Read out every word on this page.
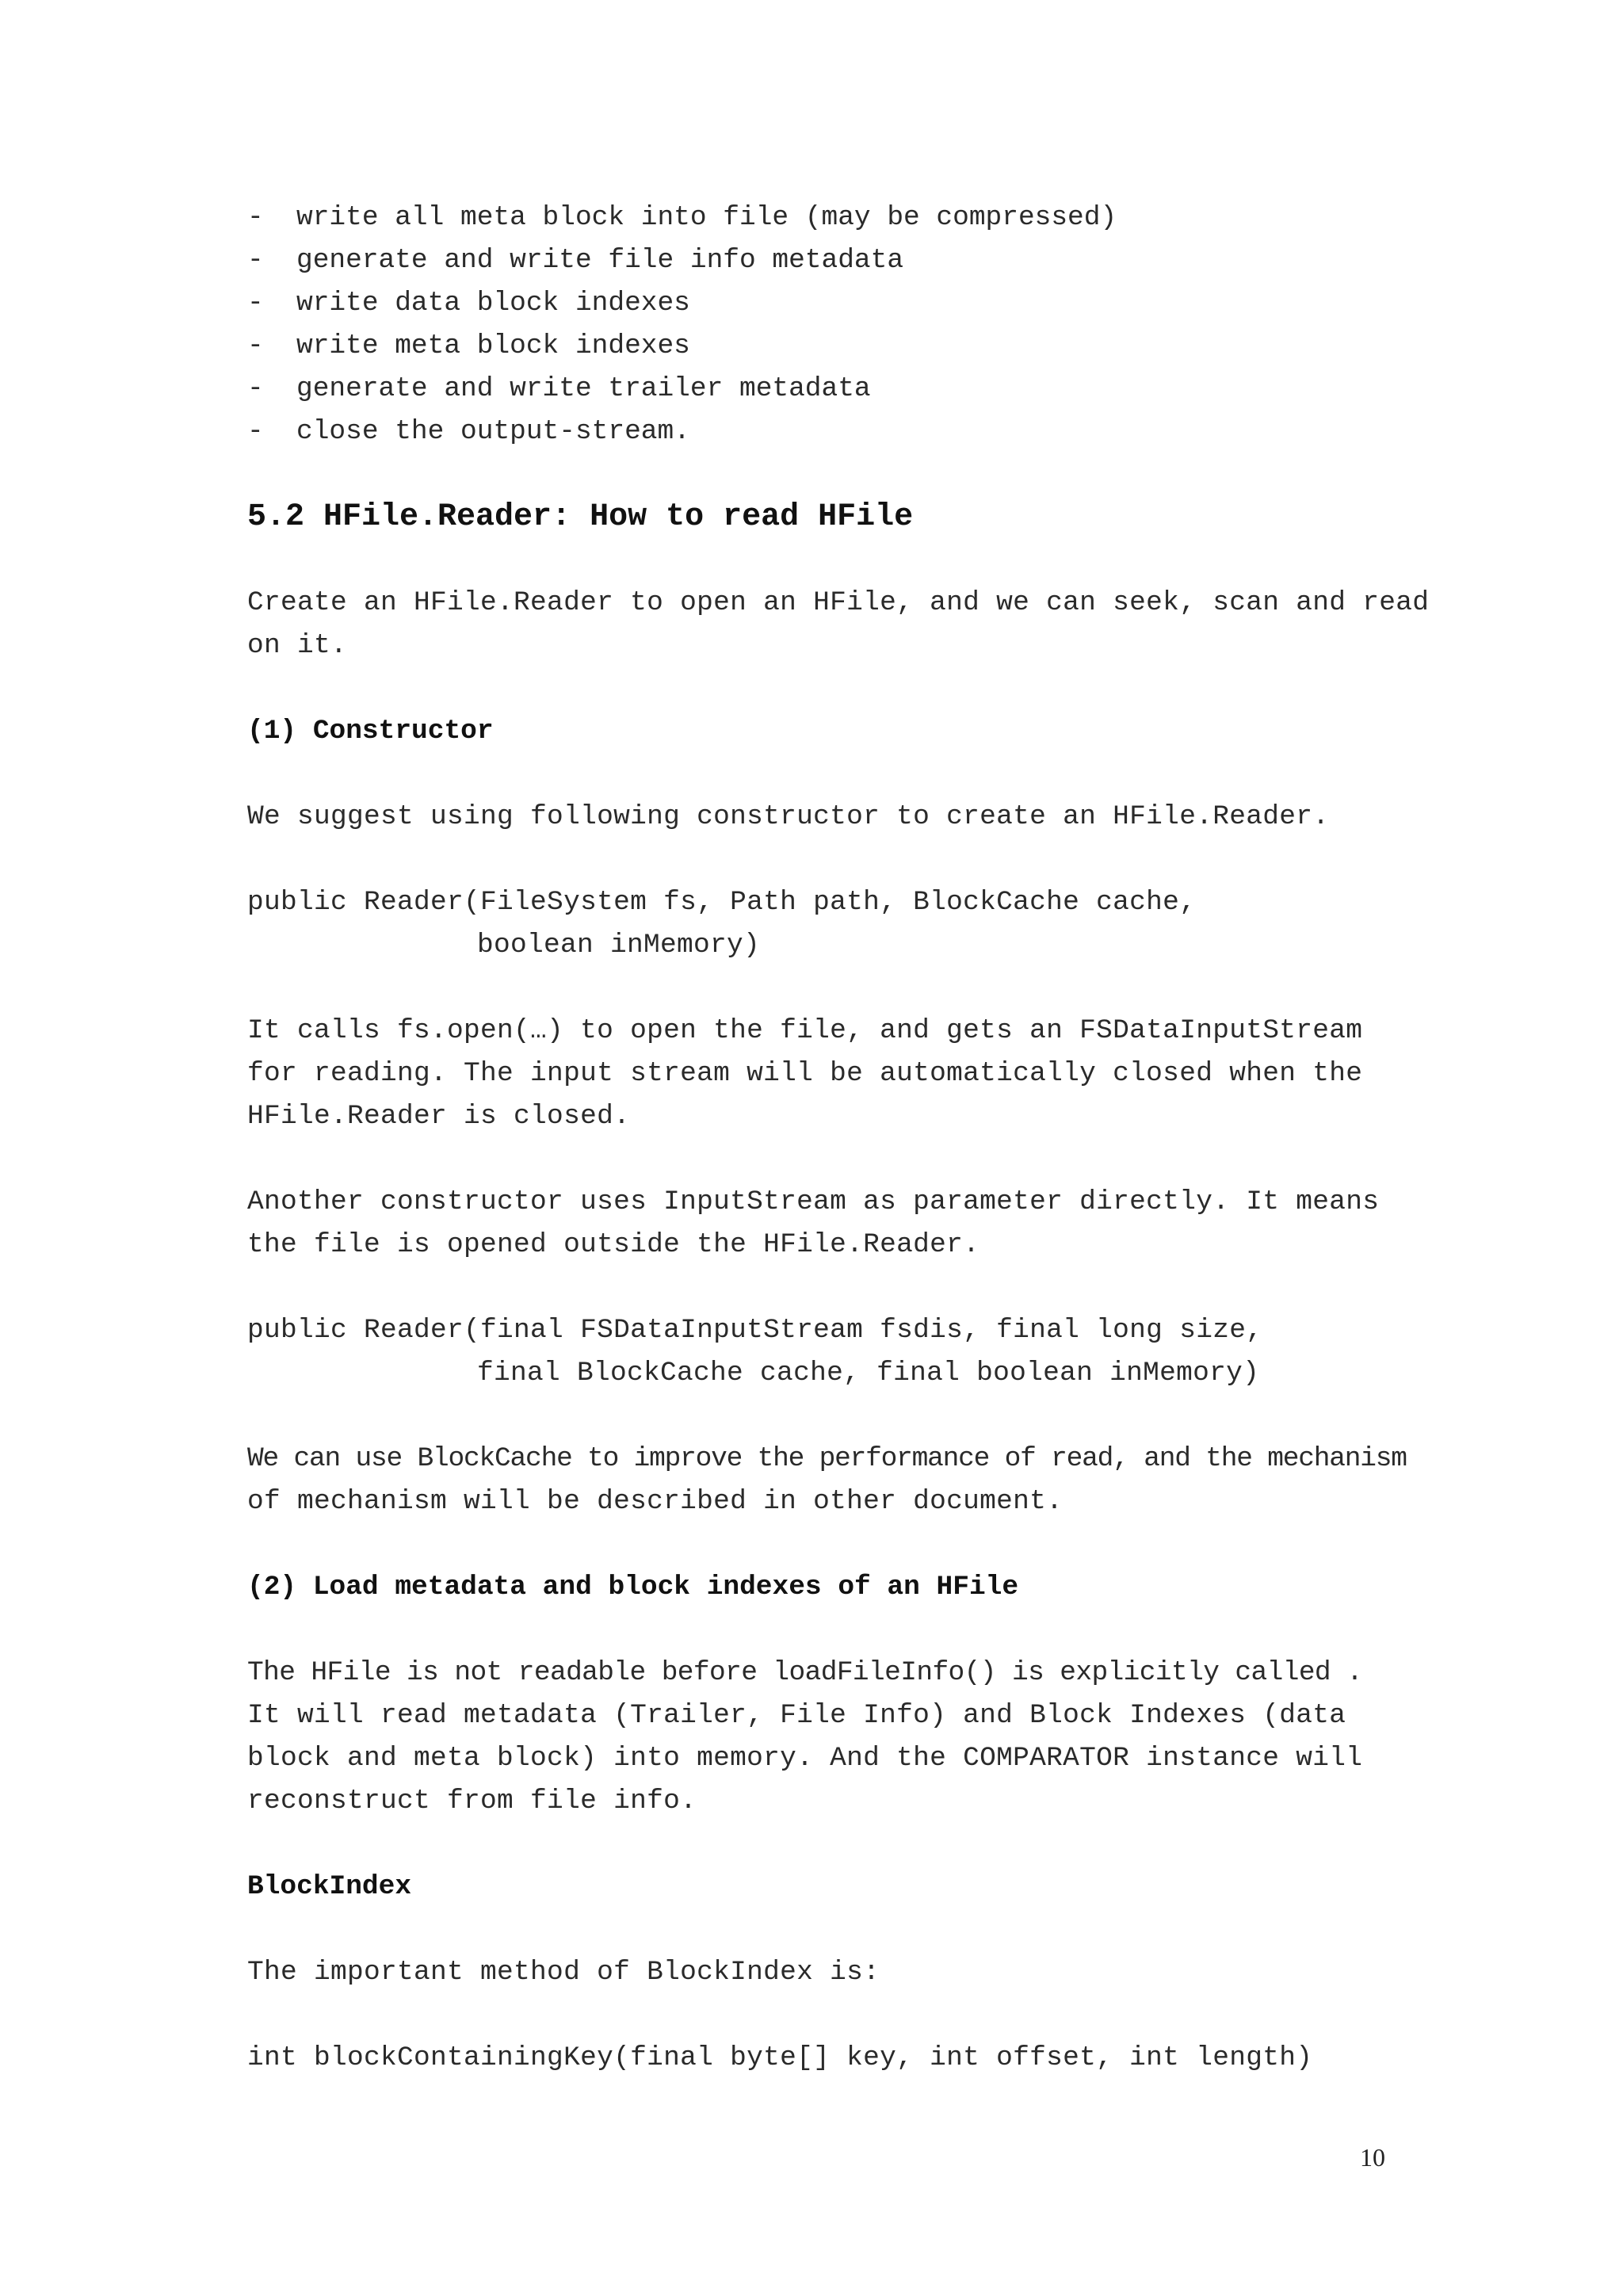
- write all meta block into file (may be compressed)
- generate and write file info metadata
- write data block indexes
- write meta block indexes
- generate and write trailer metadata
- close the output-stream.
5.2 HFile.Reader: How to read HFile
Create an HFile.Reader to open an HFile, and we can seek, scan and read
on it.
(1) Constructor
We suggest using following constructor to create an HFile.Reader.
public Reader(FileSystem fs, Path path, BlockCache cache,
boolean inMemory)
It calls fs.open(…) to open the file, and gets an FSDataInputStream
for reading. The input stream will be automatically closed when the
HFile.Reader is closed.
Another constructor uses InputStream as parameter directly. It means
the file is opened outside the HFile.Reader.
public Reader(final FSDataInputStream fsdis, final long size,
final BlockCache cache, final boolean inMemory)
We can use BlockCache to improve the performance of read, and the mechanism
of mechanism will be described in other document.
(2) Load metadata and block indexes of an HFile
The HFile is not readable before loadFileInfo() is explicitly called .
It will read metadata (Trailer, File Info) and Block Indexes (data
block and meta block) into memory. And the COMPARATOR instance will
reconstruct from file info.
BlockIndex
The important method of BlockIndex is:
int blockContainingKey(final byte[] key, int offset, int length)
10
